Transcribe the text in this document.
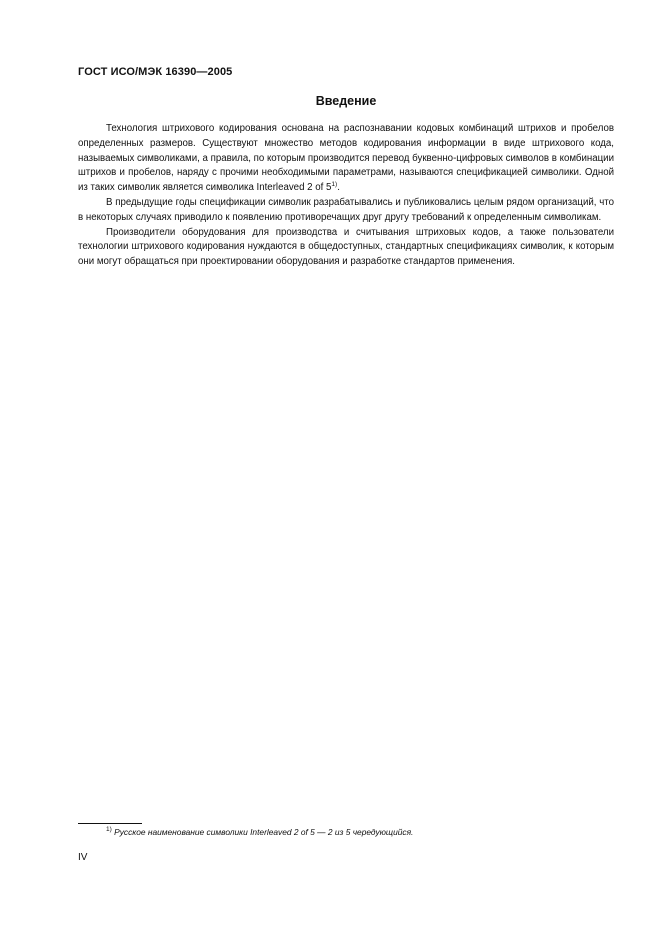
ГОСТ ИСО/МЭК 16390—2005
Введение

Технология штрихового кодирования основана на распознавании кодовых комбинаций штрихов и пробелов определенных размеров. Существуют множество методов кодирования информации в виде штрихового кода, называемых символиками, а правила, по которым производится перевод буквенно-цифровых символов в комбинации штрихов и пробелов, наряду с прочими необходимыми параметрами, называются спецификацией символики. Одной из таких символик является символика Interleaved 2 of 5$^{1)}$.

В предыдущие годы спецификации символик разрабатывались и публиковались целым рядом организаций, что в некоторых случаях приводило к появлению противоречащих друг другу требований к определенным символикам.

Производители оборудования для производства и считывания штриховых кодов, а также пользователи технологии штрихового кодирования нуждаются в общедоступных, стандартных спецификациях символик, к которым они могут обращаться при проектировании оборудования и разработке стандартов применения.

$^{1)}$ Русское наименование символики Interleaved 2 of 5 — 2 из 5 чередующийся.
IV
